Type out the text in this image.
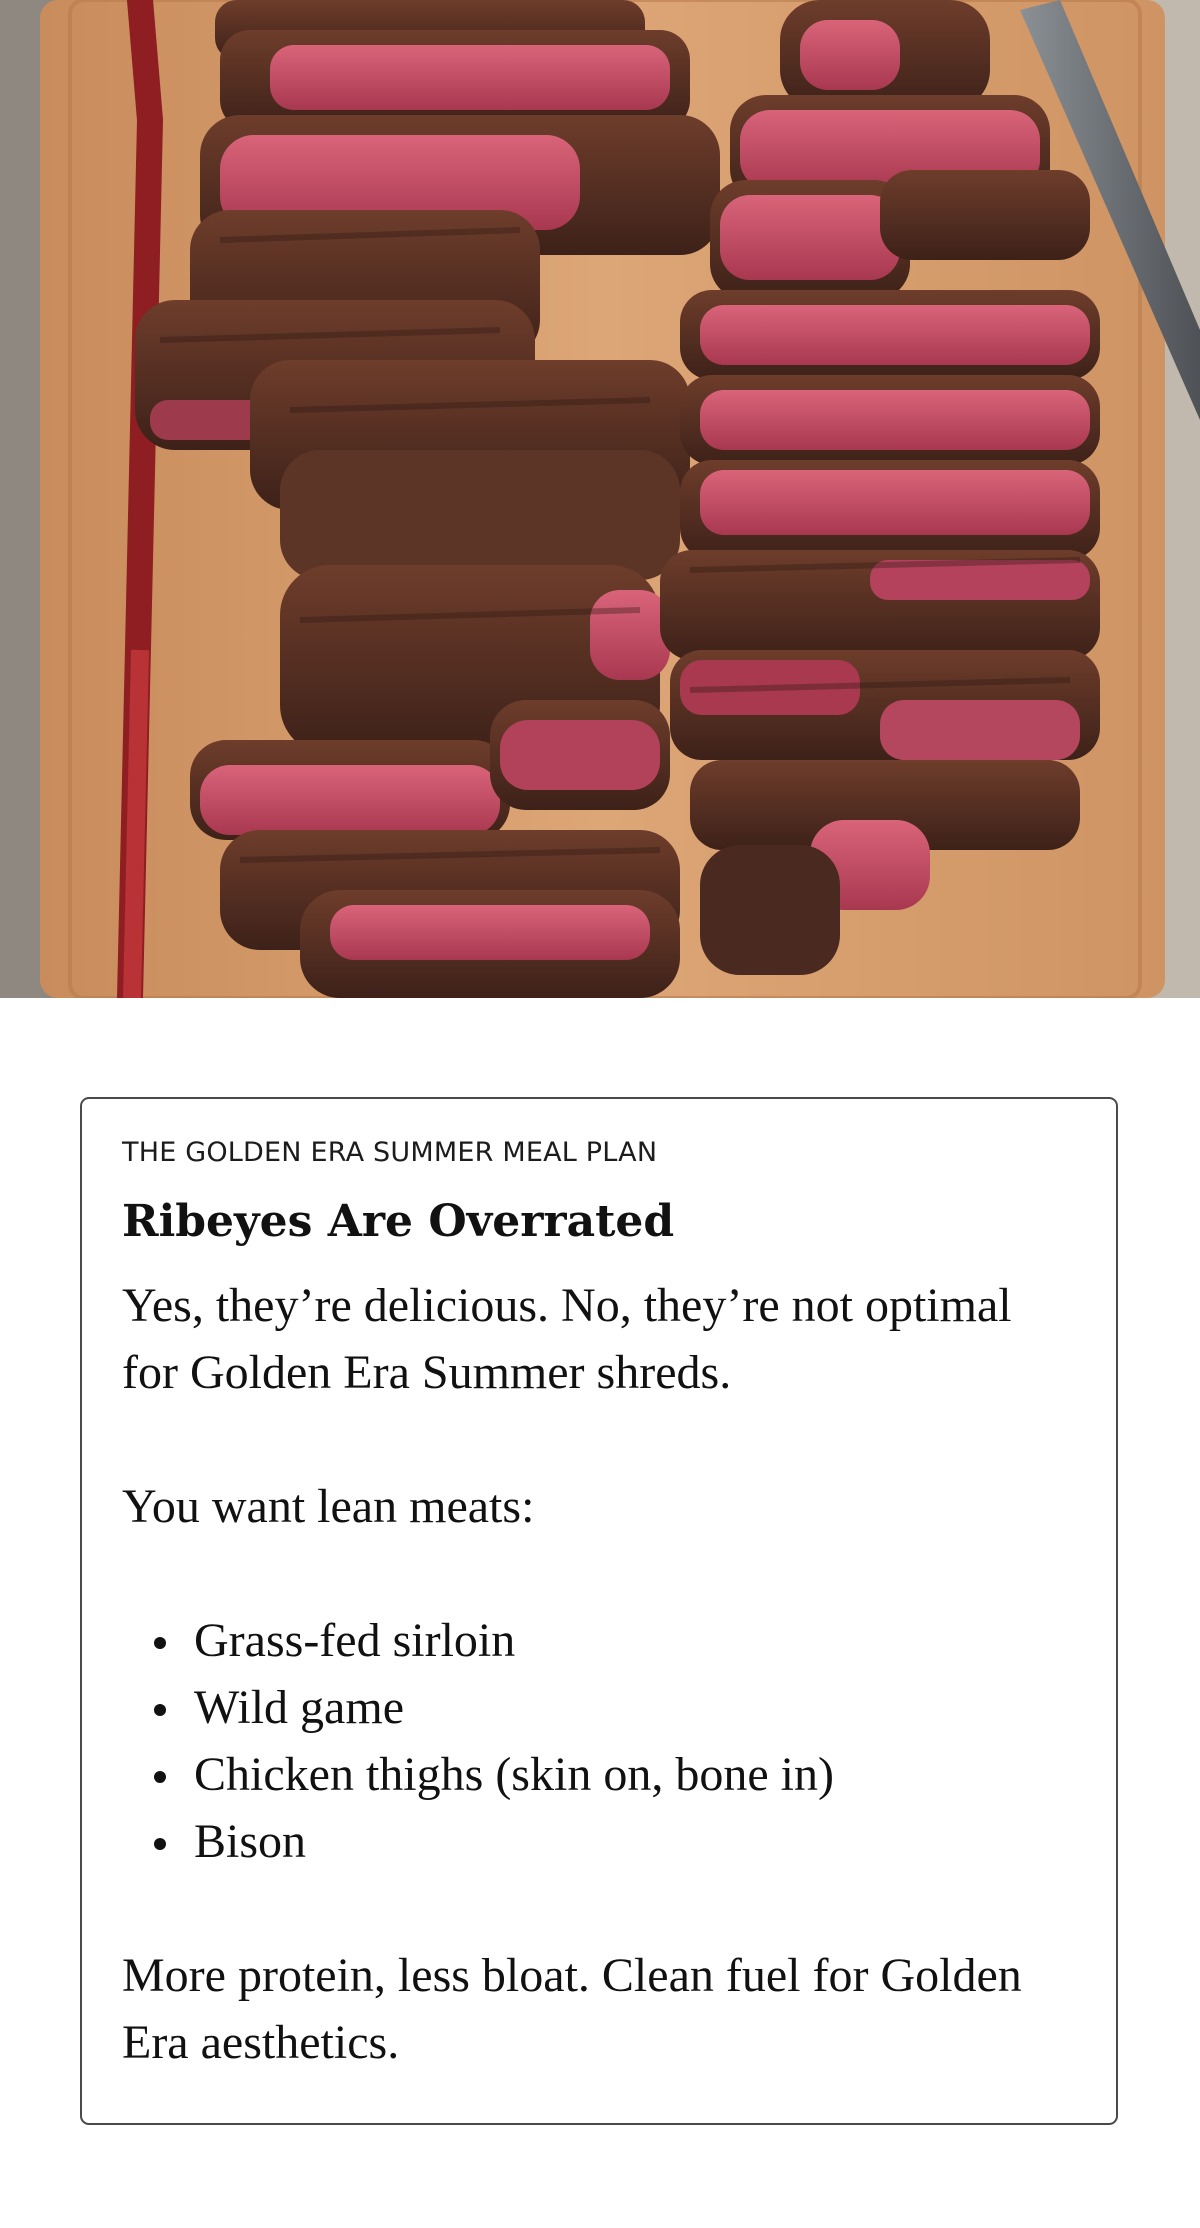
THE GOLDEN ERA SUMMER MEAL PLAN

Ribeyes Are Overrated

Yes, they’re delicious. No, they’re not optimal for Golden Era Summer shreds.

You want lean meats:

Grass-fed sirloin
Wild game
Chicken thighs (skin on, bone in)
Bison

More protein, less bloat. Clean fuel for Golden Era aesthetics.
